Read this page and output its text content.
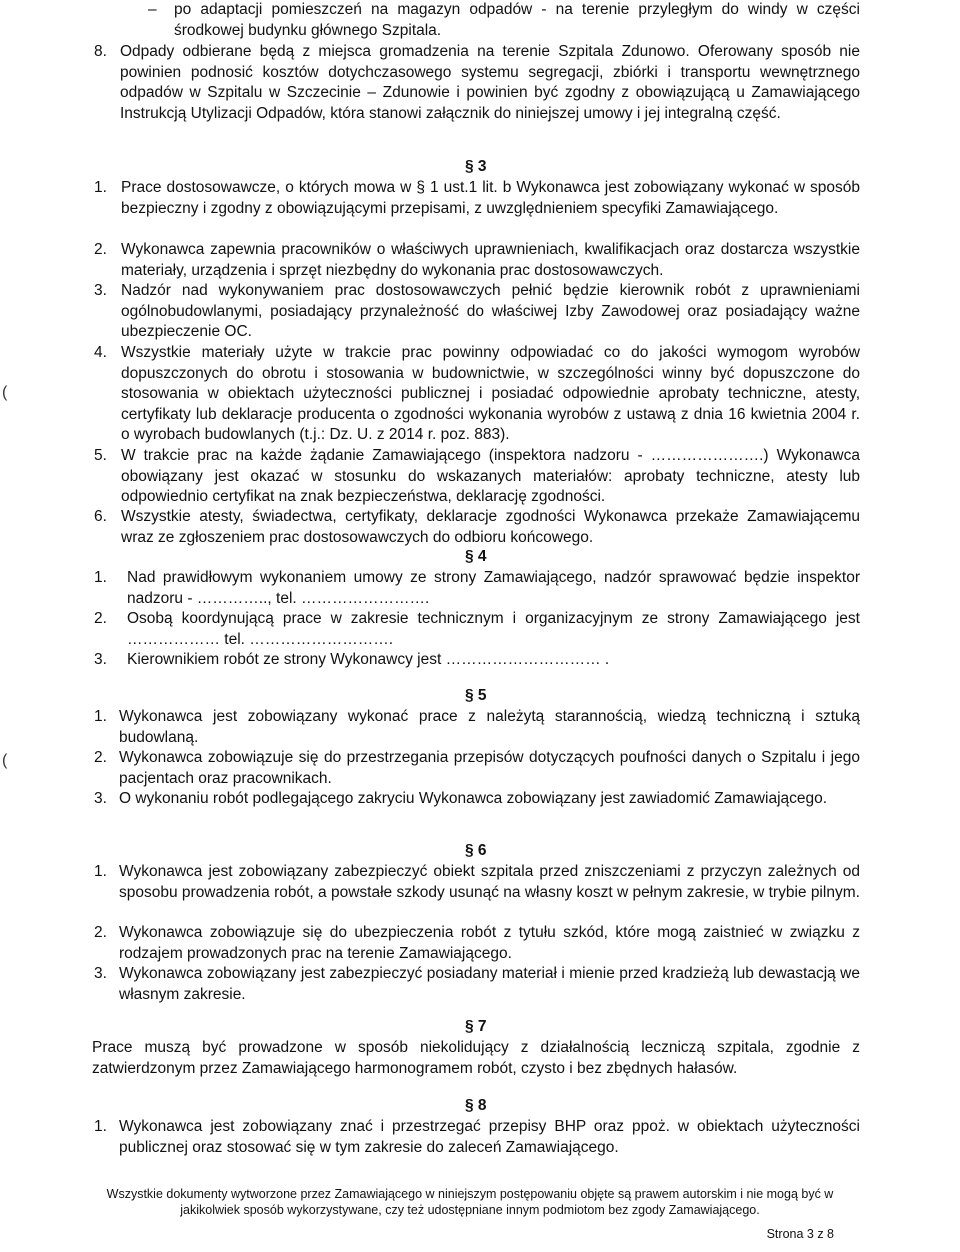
– po adaptacji pomieszczeń na magazyn odpadów - na terenie przyległym do windy w części środkowej budynku głównego Szpitala.
8. Odpady odbierane będą z miejsca gromadzenia na terenie Szpitala Zdunowo. Oferowany sposób nie powinien podnosić kosztów dotychczasowego systemu segregacji, zbiórki i transportu wewnętrznego odpadów w Szpitalu w Szczecinie – Zdunowie i powinien być zgodny z obowiązującą u Zamawiającego Instrukcją Utylizacji Odpadów, która stanowi załącznik do niniejszej umowy i jej integralną część.
§ 3
1. Prace dostosowawcze, o których mowa w § 1 ust.1 lit. b Wykonawca jest zobowiązany wykonać w sposób bezpieczny i zgodny z obowiązującymi przepisami, z uwzględnieniem specyfiki Zamawiającego.
2. Wykonawca zapewnia pracowników o właściwych uprawnieniach, kwalifikacjach oraz dostarcza wszystkie materiały, urządzenia i sprzęt niezbędny do wykonania prac dostosowawczych.
3. Nadzór nad wykonywaniem prac dostosowawczych pełnić będzie kierownik robót z uprawnieniami ogólnobudowlanymi, posiadający przynależność do właściwej Izby Zawodowej oraz posiadający ważne ubezpieczenie OC.
4. Wszystkie materiały użyte w trakcie prac powinny odpowiadać co do jakości wymogom wyrobów dopuszczonych do obrotu i stosowania w budownictwie, w szczególności winny być dopuszczone do stosowania w obiektach użyteczności publicznej i posiadać odpowiednie aprobaty techniczne, atesty, certyfikaty lub deklaracje producenta o zgodności wykonania wyrobów z ustawą z dnia 16 kwietnia 2004 r. o wyrobach budowlanych (t.j.: Dz. U. z 2014 r. poz. 883).
5. W trakcie prac na każde żądanie Zamawiającego (inspektora nadzoru - ………………….) Wykonawca obowiązany jest okazać w stosunku do wskazanych materiałów: aprobaty techniczne, atesty lub odpowiednio certyfikat na znak bezpieczeństwa, deklarację zgodności.
6. Wszystkie atesty, świadectwa, certyfikaty, deklaracje zgodności Wykonawca przekaże Zamawiającemu wraz ze zgłoszeniem prac dostosowawczych do odbioru końcowego.
§ 4
1. Nad prawidłowym wykonaniem umowy ze strony Zamawiającego, nadzór sprawować będzie inspektor nadzoru - ………….., tel. …………………….
2. Osobą koordynującą prace w zakresie technicznym i organizacyjnym ze strony Zamawiającego jest ……………… tel. ……………………….
3. Kierownikiem robót ze strony Wykonawcy jest ………………………… .
§ 5
1. Wykonawca jest zobowiązany wykonać prace z należytą starannością, wiedzą techniczną i sztuką budowlaną.
2. Wykonawca zobowiązuje się do przestrzegania przepisów dotyczących poufności danych o Szpitalu i jego pacjentach oraz pracownikach.
3. O wykonaniu robót podlegającego zakryciu Wykonawca zobowiązany jest zawiadomić Zamawiającego.
§ 6
1. Wykonawca jest zobowiązany zabezpieczyć obiekt szpitala przed zniszczeniami z przyczyn zależnych od sposobu prowadzenia robót, a powstałe szkody usunąć na własny koszt w pełnym zakresie, w trybie pilnym.
2. Wykonawca zobowiązuje się do ubezpieczenia robót z tytułu szkód, które mogą zaistnieć w związku z rodzajem prowadzonych prac na terenie Zamawiającego.
3. Wykonawca zobowiązany jest zabezpieczyć posiadany materiał i mienie przed kradzieżą lub dewastacją we własnym zakresie.
§ 7
Prace muszą być prowadzone w sposób niekolidujący z działalnością leczniczą szpitala, zgodnie z zatwierdzonym przez Zamawiającego harmonogramem robót, czysto i bez zbędnych hałasów.
§ 8
1. Wykonawca jest zobowiązany znać i przestrzegać przepisy BHP oraz ppoż. w obiektach użyteczności publicznej oraz stosować się w tym zakresie do zaleceń Zamawiającego.
(
(
Wszystkie dokumenty wytworzone przez Zamawiającego w niniejszym postępowaniu objęte są prawem autorskim i nie mogą być w jakikolwiek sposób wykorzystywane, czy też udostępniane innym podmiotom bez zgody Zamawiającego.
Strona 3 z 8
